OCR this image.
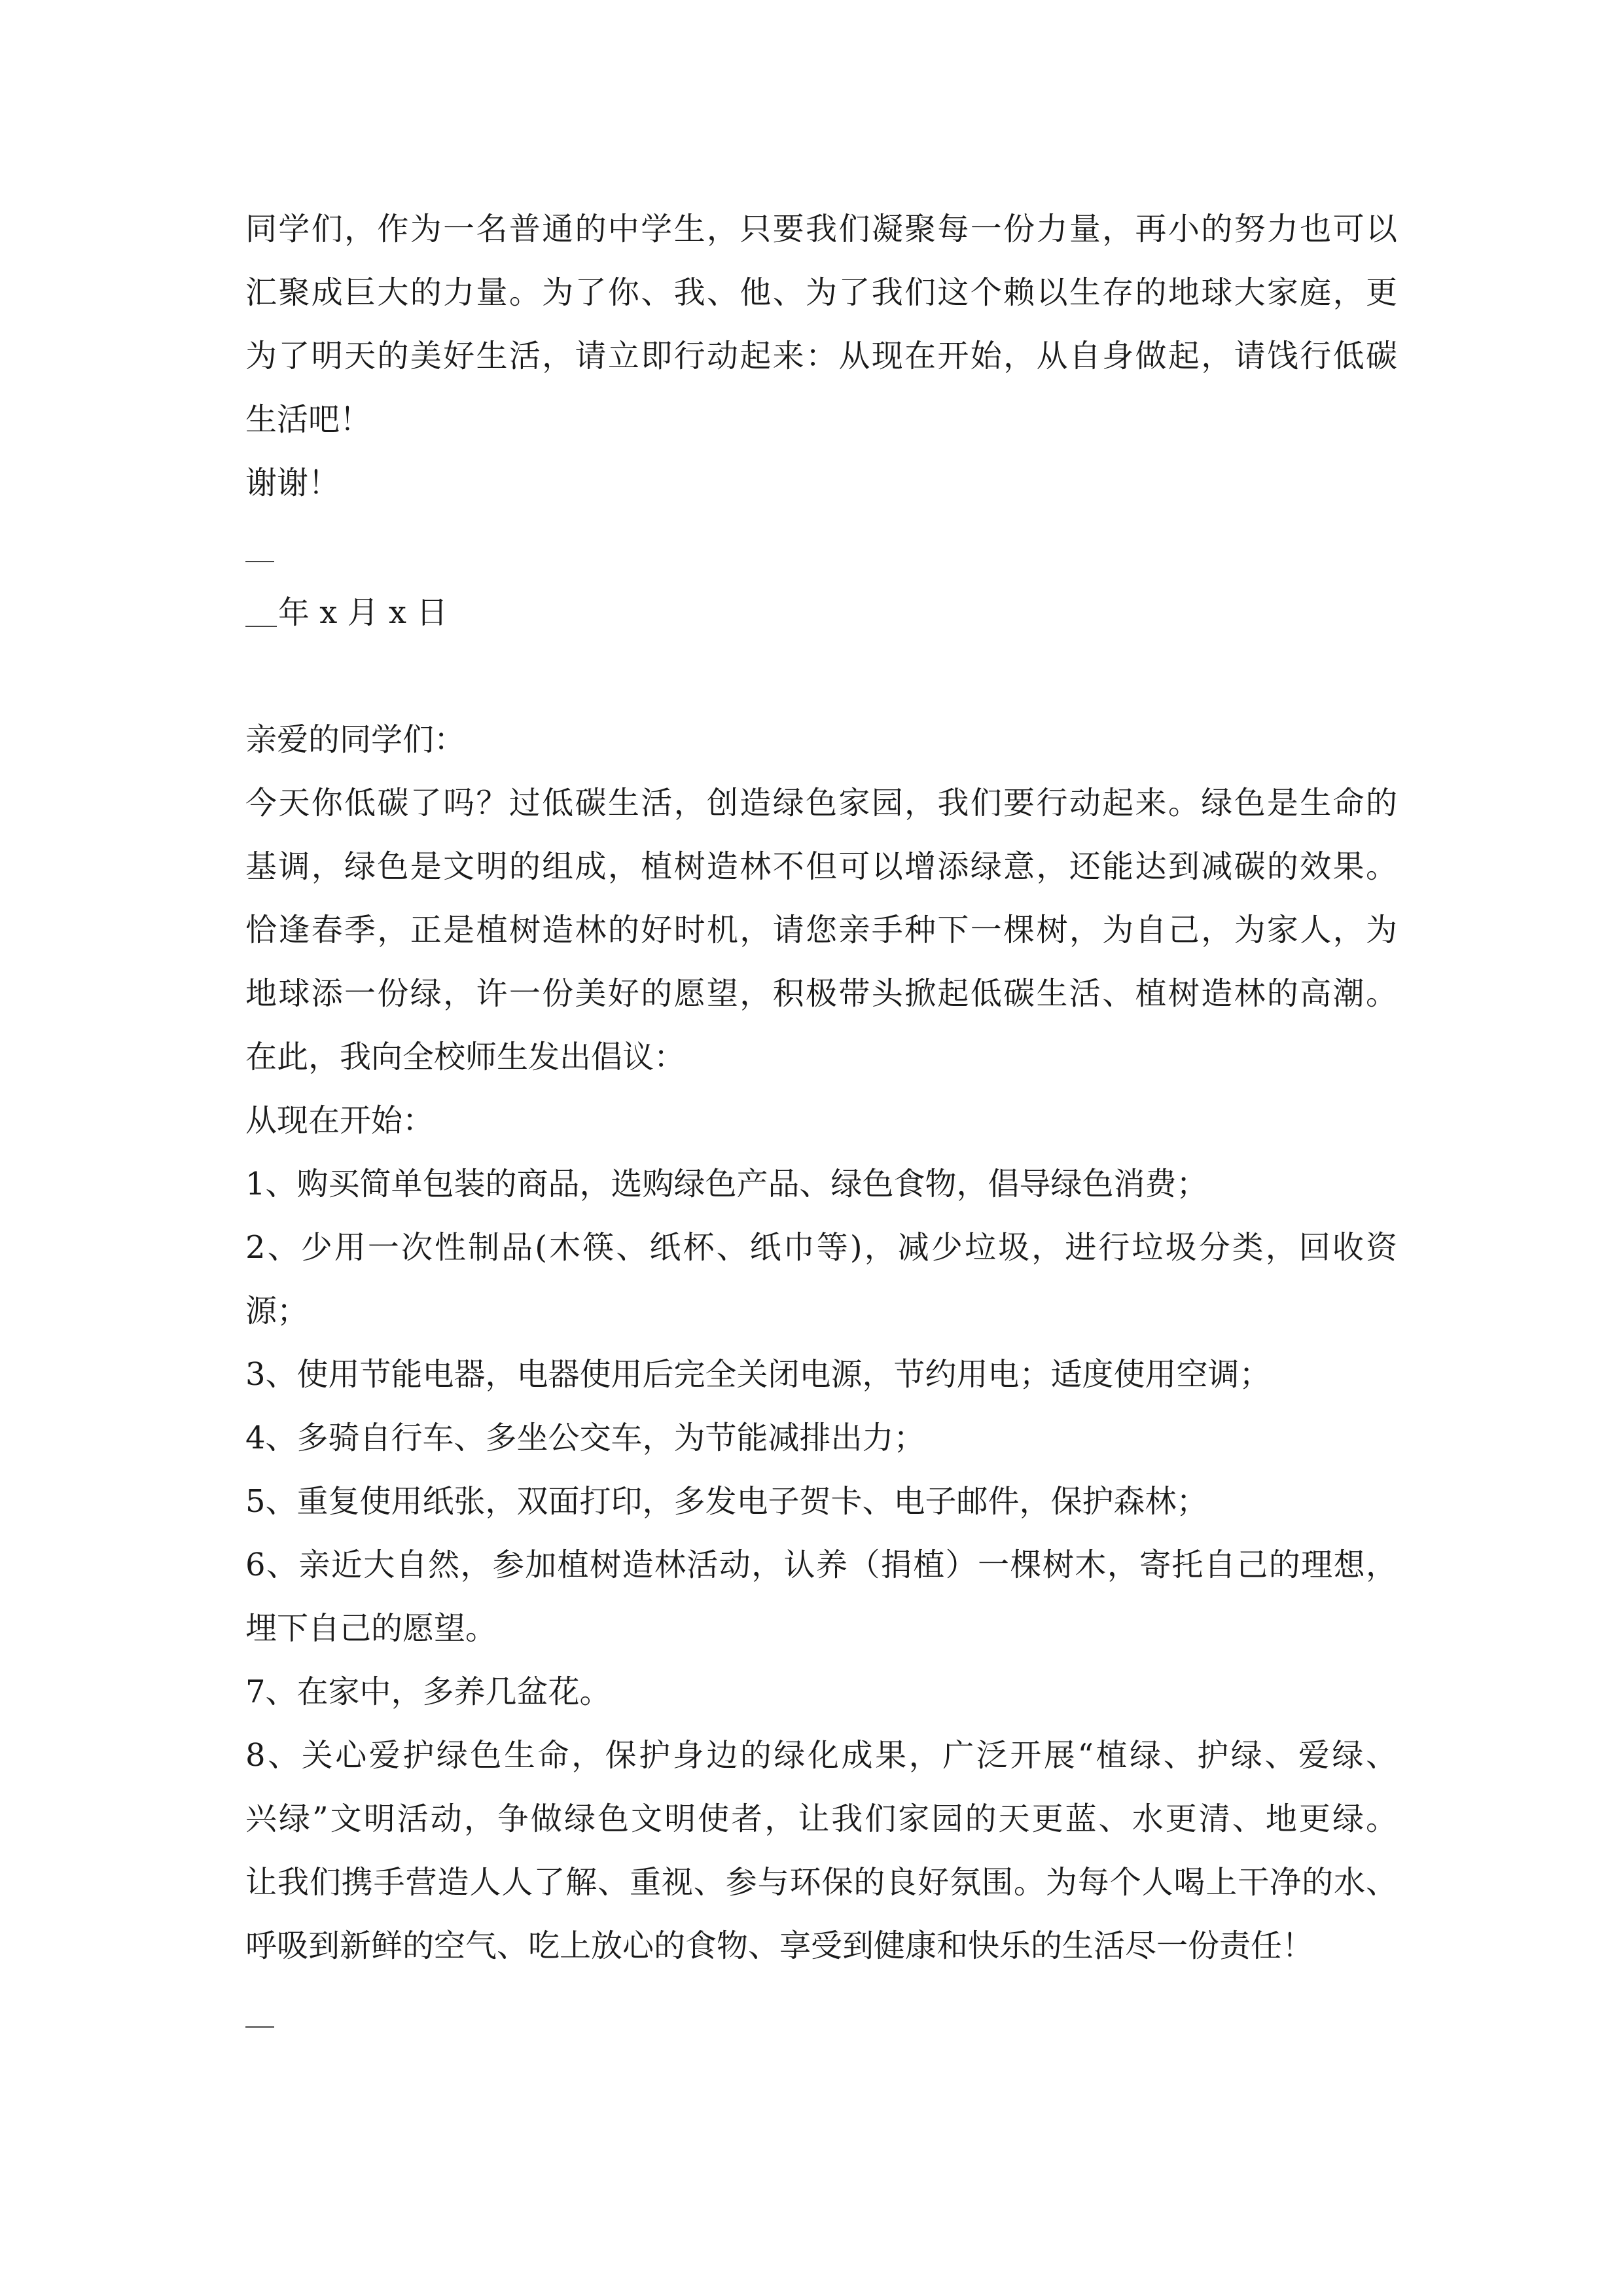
同学们，作为一名普通的中学生，只要我们凝聚每一份力量，再小的努力也可以
汇聚成巨大的力量。为了你、我、他、为了我们这个赖以生存的地球大家庭，更
为了明天的美好生活，请立即行动起来：从现在开始，从自身做起，请饯行低碳
生活吧！
谢谢！
年 x 月 x 日
亲爱的同学们：
今天你低碳了吗？过低碳生活，创造绿色家园，我们要行动起来。绿色是生命的
基调，绿色是文明的组成，植树造林不但可以增添绿意，还能达到减碳的效果。
恰逢春季，正是植树造林的好时机，请您亲手种下一棵树，为自己，为家人，为
地球添一份绿，许一份美好的愿望，积极带头掀起低碳生活、植树造林的高潮。
在此，我向全校师生发出倡议：
从现在开始：
1、购买简单包装的商品，选购绿色产品、绿色食物，倡导绿色消费；
2、少用一次性制品(木筷、纸杯、纸巾等)，减少垃圾，进行垃圾分类，回收资
源；
3、使用节能电器，电器使用后完全关闭电源，节约用电；适度使用空调；
4、多骑自行车、多坐公交车，为节能减排出力；
5、重复使用纸张，双面打印，多发电子贺卡、电子邮件，保护森林；
6、亲近大自然，参加植树造林活动，认养（捐植）一棵树木，寄托自己的理想，
埋下自己的愿望。
7、在家中，多养几盆花。
8、关心爱护绿色生命，保护身边的绿化成果，广泛开展“植绿、护绿、爱绿、
兴绿”文明活动，争做绿色文明使者，让我们家园的天更蓝、水更清、地更绿。
让我们携手营造人人了解、重视、参与环保的良好氛围。为每个人喝上干净的水、
呼吸到新鲜的空气、吃上放心的食物、享受到健康和快乐的生活尽一份责任！
